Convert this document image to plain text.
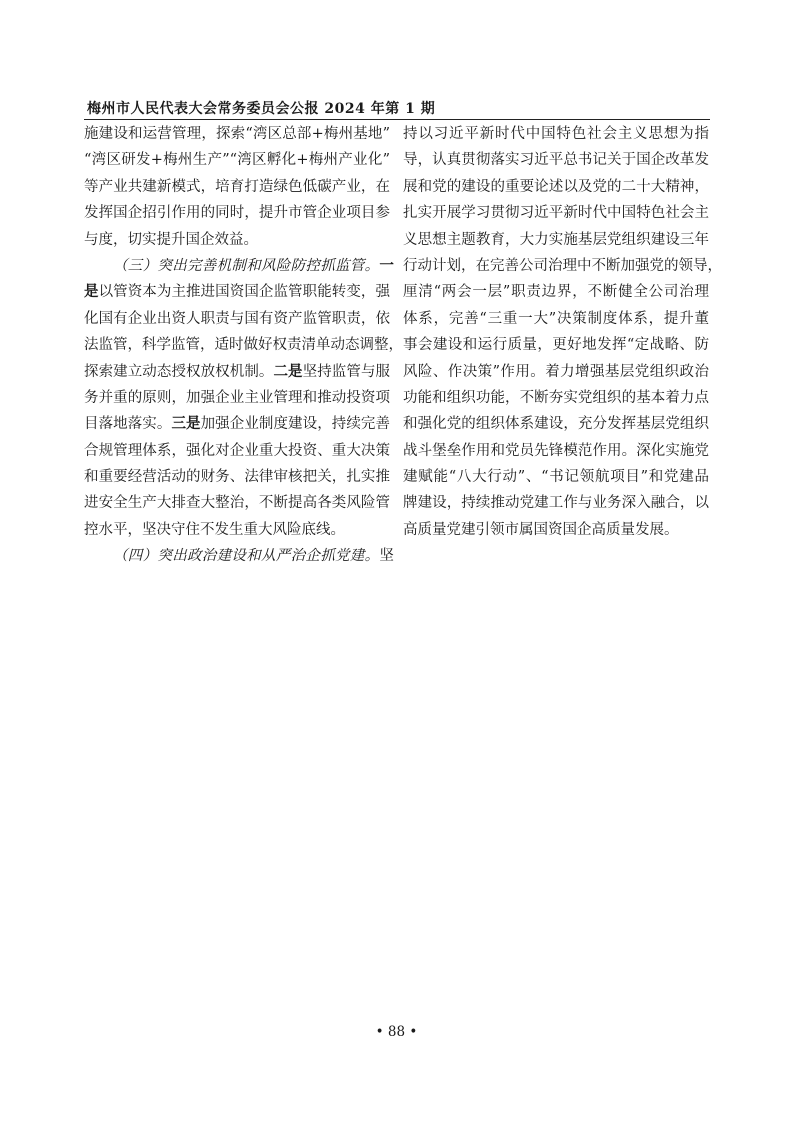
梅州市人民代表大会常务委员会公报 2024 年第 1 期
施建设和运营管理，探索“湾区总部+梅州基地”
“湾区研发+梅州生产”“湾区孵化+梅州产业化”
等产业共建新模式，培育打造绿色低碳产业，在
发挥国企招引作用的同时，提升市管企业项目参
与度，切实提升国企效益。
（三）突出完善机制和风险防控抓监管。一
是以管资本为主推进国资国企监管职能转变，强
化国有企业出资人职责与国有资产监管职责，依
法监管，科学监管，适时做好权责清单动态调整，
探索建立动态授权放权机制。二是坚持监管与服
务并重的原则，加强企业主业管理和推动投资项
目落地落实。三是加强企业制度建设，持续完善
合规管理体系，强化对企业重大投资、重大决策
和重要经营活动的财务、法律审核把关，扎实推
进安全生产大排查大整治，不断提高各类风险管
控水平，坚决守住不发生重大风险底线。
（四）突出政治建设和从严治企抓党建。坚
持以习近平新时代中国特色社会主义思想为指
导，认真贯彻落实习近平总书记关于国企改革发
展和党的建设的重要论述以及党的二十大精神，
扎实开展学习贯彻习近平新时代中国特色社会主
义思想主题教育，大力实施基层党组织建设三年
行动计划，在完善公司治理中不断加强党的领导，
厘清“两会一层”职责边界，不断健全公司治理
体系，完善“三重一大”决策制度体系，提升董
事会建设和运行质量，更好地发挥“定战略、防
风险、作决策”作用。着力增强基层党组织政治
功能和组织功能，不断夯实党组织的基本着力点
和强化党的组织体系建设，充分发挥基层党组织
战斗堡垒作用和党员先锋模范作用。深化实施党
建赋能“八大行动”、“书记领航项目”和党建品
牌建设，持续推动党建工作与业务深入融合，以
高质量党建引领市属国资国企高质量发展。
• 88 •
